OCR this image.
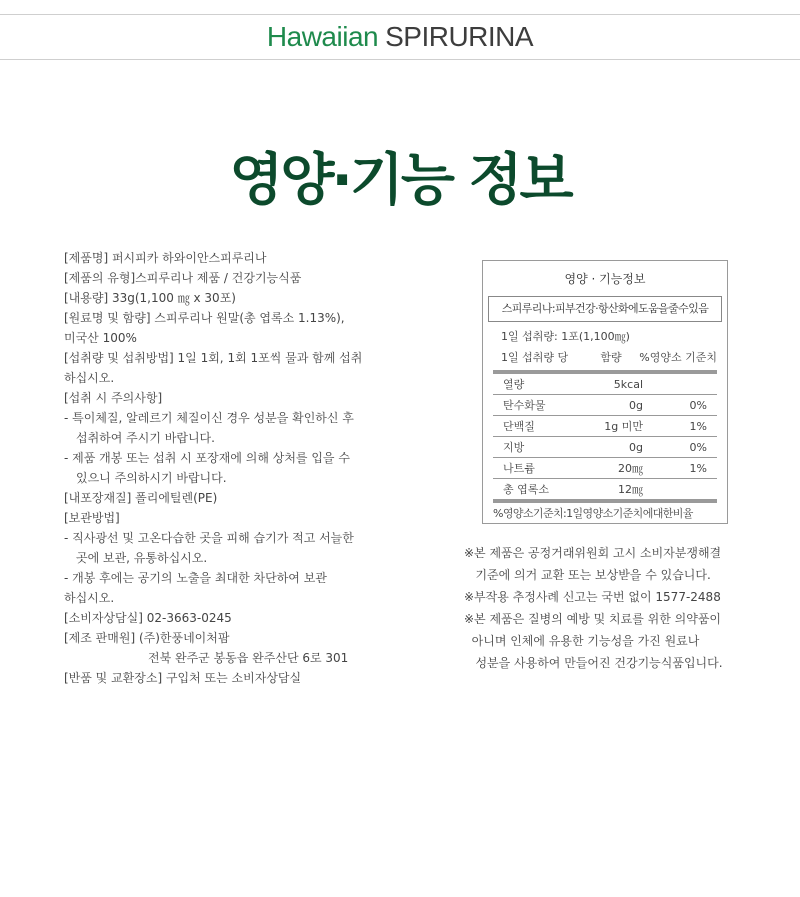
Hawaiian SPIRURINA
영양·기능 정보
[제품명] 퍼시피카 하와이안스피루리나
[제품의 유형]스피루리나 제품 / 건강기능식품
[내용량] 33g(1,100 ㎎ x 30포)
[원료명 및 함량] 스피루리나 원말(총 엽록소 1.13%),
미국산 100%
[섭취량 및 섭취방법] 1일 1회, 1회 1포씩 물과 함께 섭취
하십시오.
[섭취 시 주의사항]
- 특이체질, 알레르기 체질이신 경우 성분을 확인하신 후
섭취하여 주시기 바랍니다.
- 제품 개봉 또는 섭취 시 포장재에 의해 상처를 입을 수
있으니 주의하시기 바랍니다.
[내포장재질] 폴리에틸렌(PE)
[보관방법]
- 직사광선 및 고온다습한 곳을 피해 습기가 적고 서늘한
곳에 보관, 유통하십시오.
- 개봉 후에는 공기의 노출을 최대한 차단하여 보관
하십시오.
[소비자상담실] 02-3663-0245
[제조 판매원] (주)한풍네이처팜
전북 완주군 봉동읍 완주산단 6로 301
[반품 및 교환장소] 구입처 또는 소비자상담실
영양 · 기능정보
스피루리나:피부건강·항산화에도움을줄수있음
1일 섭취량: 1포(1,100㎎)
1일 섭취량 당	함량	%영양소 기준치
열량	5kcal	
탄수화물	0g	0%
단백질	1g 미만	1%
지방	0g	0%
나트륨	20㎎	1%
총 엽록소	12㎎	
%영양소기준치:1일영양소기준치에대한비율
※본 제품은 공정거래위원회 고시 소비자분쟁해결
기준에 의거 교환 또는 보상받을 수 있습니다.
※부작용 추정사례 신고는 국번 없이 1577-2488
※본 제품은 질병의 예방 및 치료를 위한 의약품이
아니며 인체에 유용한 기능성을 가진 원료나
성분을 사용하여 만들어진 건강기능식품입니다.
